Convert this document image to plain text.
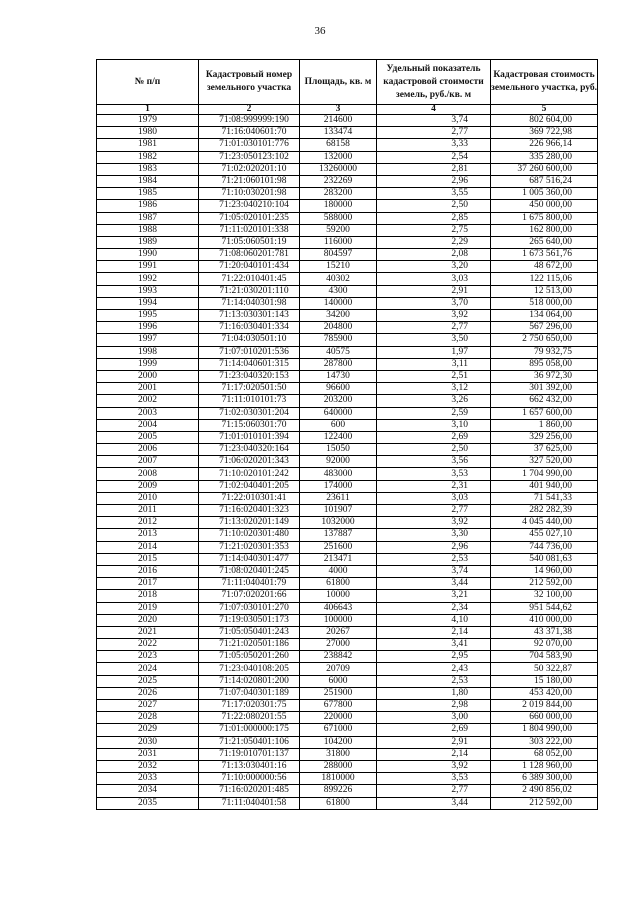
36
№ п/п	Кадастровый номер земельного участка	Площадь, кв. м	Удельный показатель кадастровой стоимости земель, руб./кв. м	Кадастровая стоимость земельного участка, руб.
1	2	3	4	5
1979	71:08:999999:190	214600	3,74	802 604,00
1980	71:16:040601:70	133474	2,77	369 722,98
1981	71:01:030101:776	68158	3,33	226 966,14
1982	71:23:050123:102	132000	2,54	335 280,00
1983	71:02:020201:10	13260000	2,81	37 260 600,00
1984	71:21:060101:98	232269	2,96	687 516,24
1985	71:10:030201:98	283200	3,55	1 005 360,00
1986	71:23:040210:104	180000	2,50	450 000,00
1987	71:05:020101:235	588000	2,85	1 675 800,00
1988	71:11:020101:338	59200	2,75	162 800,00
1989	71:05:060501:19	116000	2,29	265 640,00
1990	71:08:060201:781	804597	2,08	1 673 561,76
1991	71:20:040101:434	15210	3,20	48 672,00
1992	71:22:010401:45	40302	3,03	122 115,06
1993	71:21:030201:110	4300	2,91	12 513,00
1994	71:14:040301:98	140000	3,70	518 000,00
1995	71:13:030301:143	34200	3,92	134 064,00
1996	71:16:030401:334	204800	2,77	567 296,00
1997	71:04:030501:10	785900	3,50	2 750 650,00
1998	71:07:010201:536	40575	1,97	79 932,75
1999	71:14:040601:315	287800	3,11	895 058,00
2000	71:23:040320:153	14730	2,51	36 972,30
2001	71:17:020501:50	96600	3,12	301 392,00
2002	71:11:010101:73	203200	3,26	662 432,00
2003	71:02:030301:204	640000	2,59	1 657 600,00
2004	71:15:060301:70	600	3,10	1 860,00
2005	71:01:010101:394	122400	2,69	329 256,00
2006	71:23:040320:164	15050	2,50	37 625,00
2007	71:06:020201:343	92000	3,56	327 520,00
2008	71:10:020101:242	483000	3,53	1 704 990,00
2009	71:02:040401:205	174000	2,31	401 940,00
2010	71:22:010301:41	23611	3,03	71 541,33
2011	71:16:020401:323	101907	2,77	282 282,39
2012	71:13:020201:149	1032000	3,92	4 045 440,00
2013	71:10:020301:480	137887	3,30	455 027,10
2014	71:21:020301:353	251600	2,96	744 736,00
2015	71:14:040301:477	213471	2,53	540 081,63
2016	71:08:020401:245	4000	3,74	14 960,00
2017	71:11:040401:79	61800	3,44	212 592,00
2018	71:07:020201:66	10000	3,21	32 100,00
2019	71:07:030101:270	406643	2,34	951 544,62
2020	71:19:030501:173	100000	4,10	410 000,00
2021	71:05:050401:243	20267	2,14	43 371,38
2022	71:21:020501:186	27000	3,41	92 070,00
2023	71:05:050201:260	238842	2,95	704 583,90
2024	71:23:040108:205	20709	2,43	50 322,87
2025	71:14:020801:200	6000	2,53	15 180,00
2026	71:07:040301:189	251900	1,80	453 420,00
2027	71:17:020301:75	677800	2,98	2 019 844,00
2028	71:22:080201:55	220000	3,00	660 000,00
2029	71:01:000000:175	671000	2,69	1 804 990,00
2030	71:21:050401:106	104200	2,91	303 222,00
2031	71:19:010701:137	31800	2,14	68 052,00
2032	71:13:030401:16	288000	3,92	1 128 960,00
2033	71:10:000000:56	1810000	3,53	6 389 300,00
2034	71:16:020201:485	899226	2,77	2 490 856,02
2035	71:11:040401:58	61800	3,44	212 592,00
